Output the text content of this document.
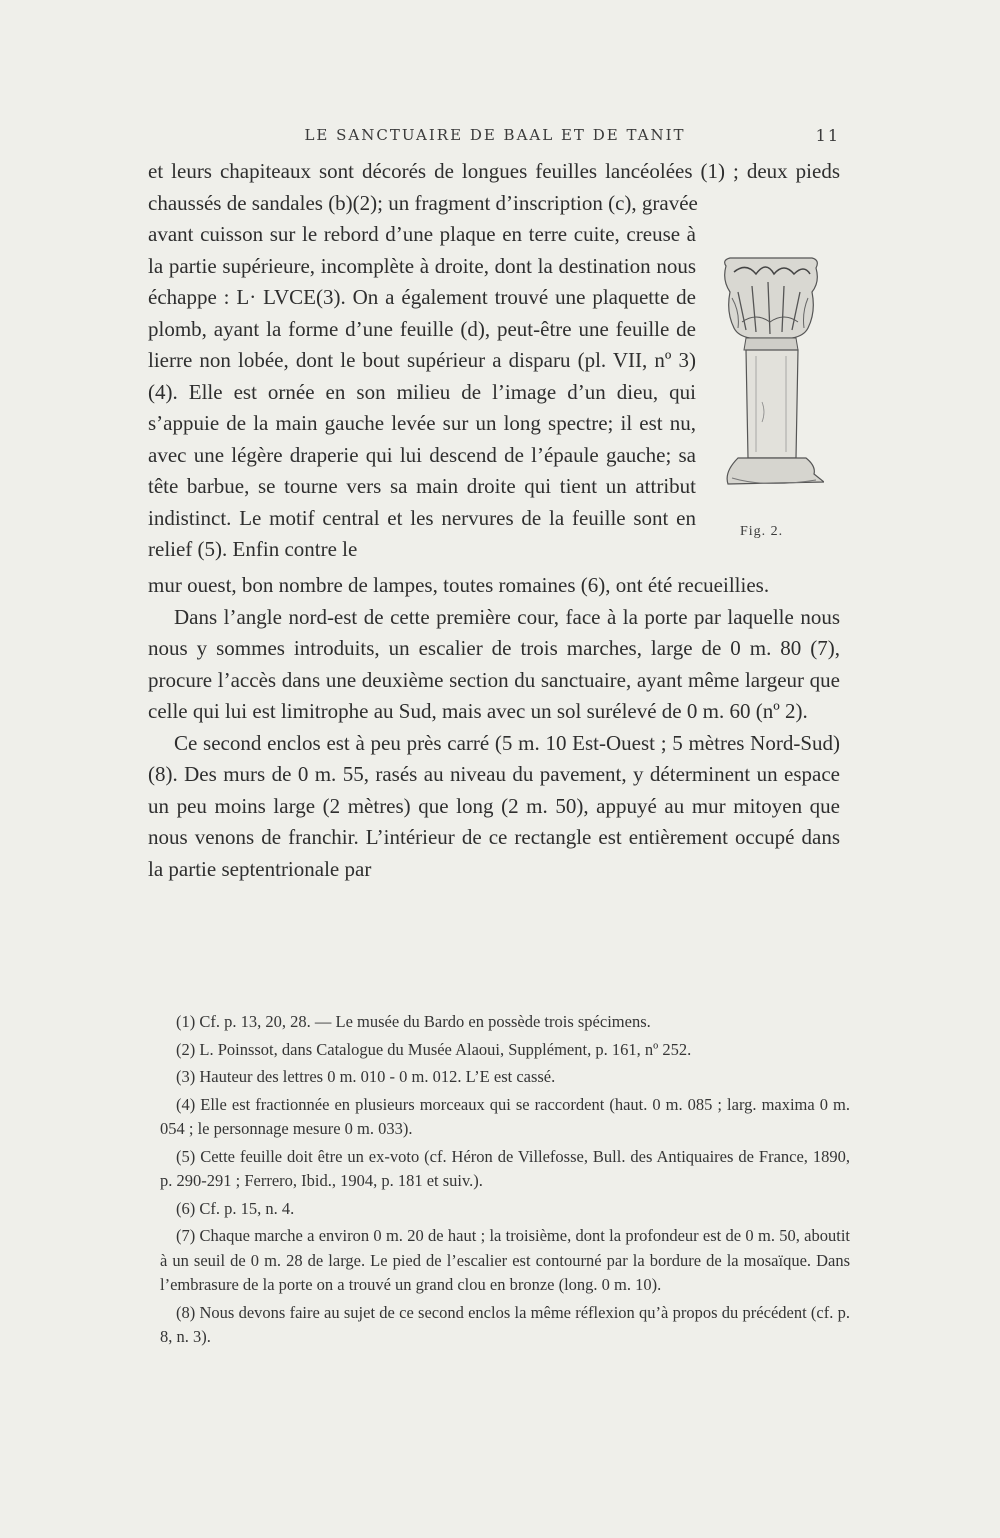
LE SANCTUAIRE DE BAAL ET DE TANIT	11

et leurs chapiteaux sont décorés de longues feuilles lancéolées (1) ; deux pieds chaussés de sandales (b)(2); un fragment d’inscription (c), gravée

avant cuisson sur le rebord d’une plaque en terre cuite, creuse à la partie supérieure, incomplète à droite, dont la destination nous échappe : L· LVCE(3). On a également trouvé une plaquette de plomb, ayant la forme d’une feuille (d), peut-être une feuille de lierre non lobée, dont le bout supérieur a disparu (pl. VII, nº 3)(4). Elle est ornée en son milieu de l’image d’un dieu, qui s’appuie de la main gauche levée sur un long spectre; il est nu, avec une légère draperie qui lui descend de l’épaule gauche; sa tête barbue, se tourne vers sa main droite qui tient un attribut indistinct. Le motif central et les nervures de la feuille sont en relief (5). Enfin contre le

Fig. 2.

mur ouest, bon nombre de lampes, toutes romaines (6), ont été recueillies.

Dans l’angle nord-est de cette première cour, face à la porte par laquelle nous nous y sommes introduits, un escalier de trois marches, large de 0 m. 80 (7), procure l’accès dans une deuxième section du sanctuaire, ayant même largeur que celle qui lui est limitrophe au Sud, mais avec un sol surélevé de 0 m. 60 (nº 2).

Ce second enclos est à peu près carré (5 m. 10 Est-Ouest ; 5 mètres Nord-Sud) (8). Des murs de 0 m. 55, rasés au niveau du pavement, y déterminent un espace un peu moins large (2 mètres) que long (2 m. 50), appuyé au mur mitoyen que nous venons de franchir. L’intérieur de ce rectangle est entièrement occupé dans la partie septentrionale par

(1) Cf. p. 13, 20, 28. — Le musée du Bardo en possède trois spécimens.

(2) L. Poinssot, dans Catalogue du Musée Alaoui, Supplément, p. 161, nº 252.

(3) Hauteur des lettres 0 m. 010 - 0 m. 012. L’E est cassé.

(4) Elle est fractionnée en plusieurs morceaux qui se raccordent (haut. 0 m. 085 ; larg. maxima 0 m. 054 ; le personnage mesure 0 m. 033).

(5) Cette feuille doit être un ex-voto (cf. Héron de Villefosse, Bull. des Antiquaires de France, 1890, p. 290-291 ; Ferrero, Ibid., 1904, p. 181 et suiv.).

(6) Cf. p. 15, n. 4.

(7) Chaque marche a environ 0 m. 20 de haut ; la troisième, dont la profondeur est de 0 m. 50, aboutit à un seuil de 0 m. 28 de large. Le pied de l’escalier est contourné par la bordure de la mosaïque. Dans l’embrasure de la porte on a trouvé un grand clou en bronze (long. 0 m. 10).

(8) Nous devons faire au sujet de ce second enclos la même réflexion qu’à propos du précédent (cf. p. 8, n. 3).
